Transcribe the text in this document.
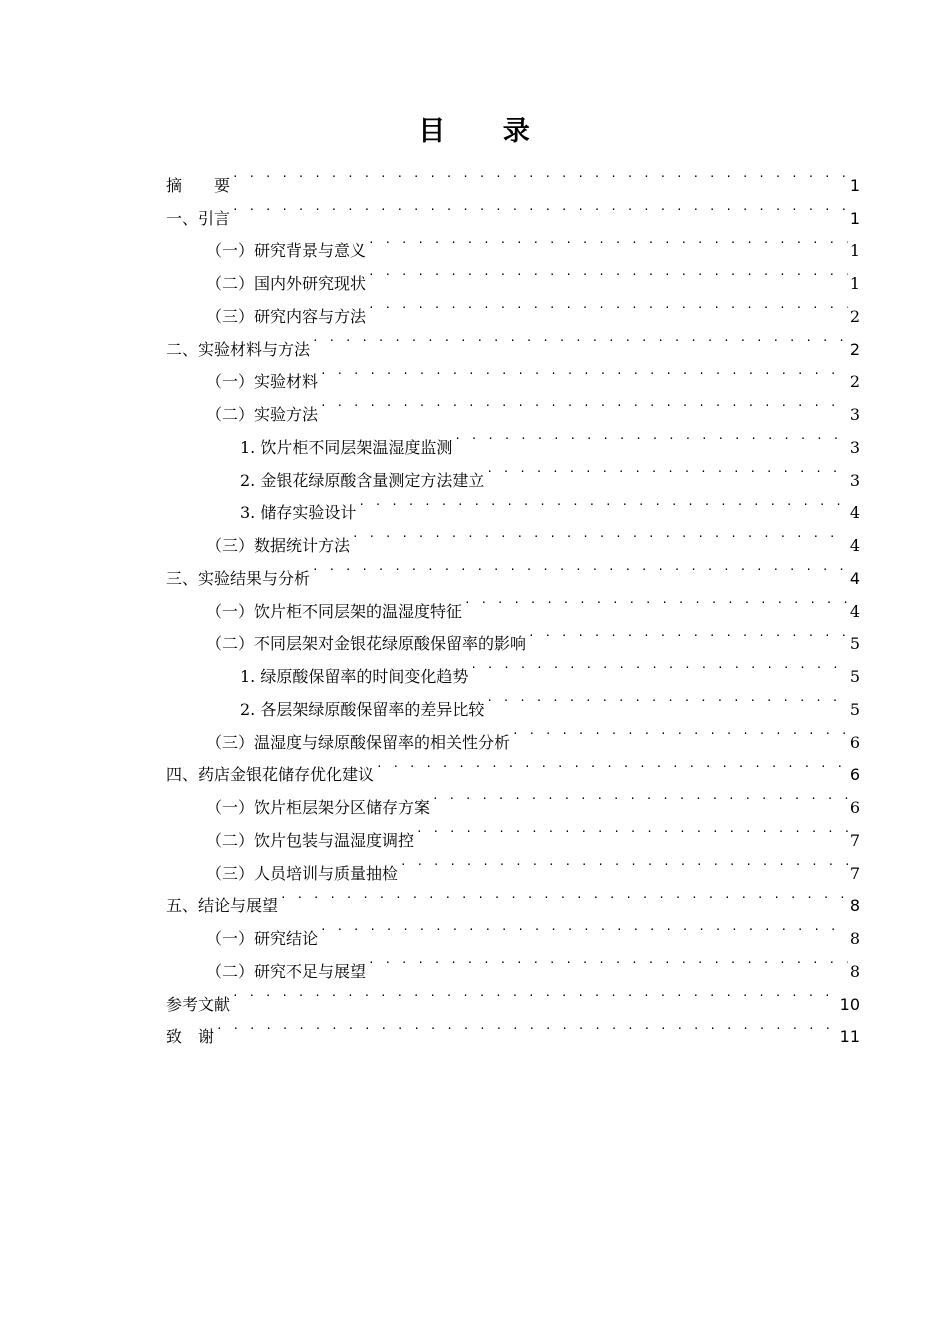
目 录
摘　　要 . . .	1
一、引言 . . .	1
（一）研究背景与意义 . . .	1
（二）国内外研究现状 . . .	1
（三）研究内容与方法 . . .	2
二、实验材料与方法 . . .	2
（一）实验材料 . . .	2
（二）实验方法 . . .	3
1. 饮片柜不同层架温湿度监测 . . .	3
2. 金银花绿原酸含量测定方法建立 . . .	3
3. 储存实验设计 . . .	4
（三）数据统计方法 . . .	4
三、实验结果与分析 . . .	4
（一）饮片柜不同层架的温湿度特征 . . .	4
（二）不同层架对金银花绿原酸保留率的影响 . . .	5
1. 绿原酸保留率的时间变化趋势 . . .	5
2. 各层架绿原酸保留率的差异比较 . . .	5
（三）温湿度与绿原酸保留率的相关性分析 . . .	6
四、药店金银花储存优化建议 . . .	6
（一）饮片柜层架分区储存方案 . . .	6
（二）饮片包装与温湿度调控 . . .	7
（三）人员培训与质量抽检 . . .	7
五、结论与展望 . . .	8
（一）研究结论 . . .	8
（二）研究不足与展望 . . .	8
参考文献 . . .	10
致　谢 . . .	11
